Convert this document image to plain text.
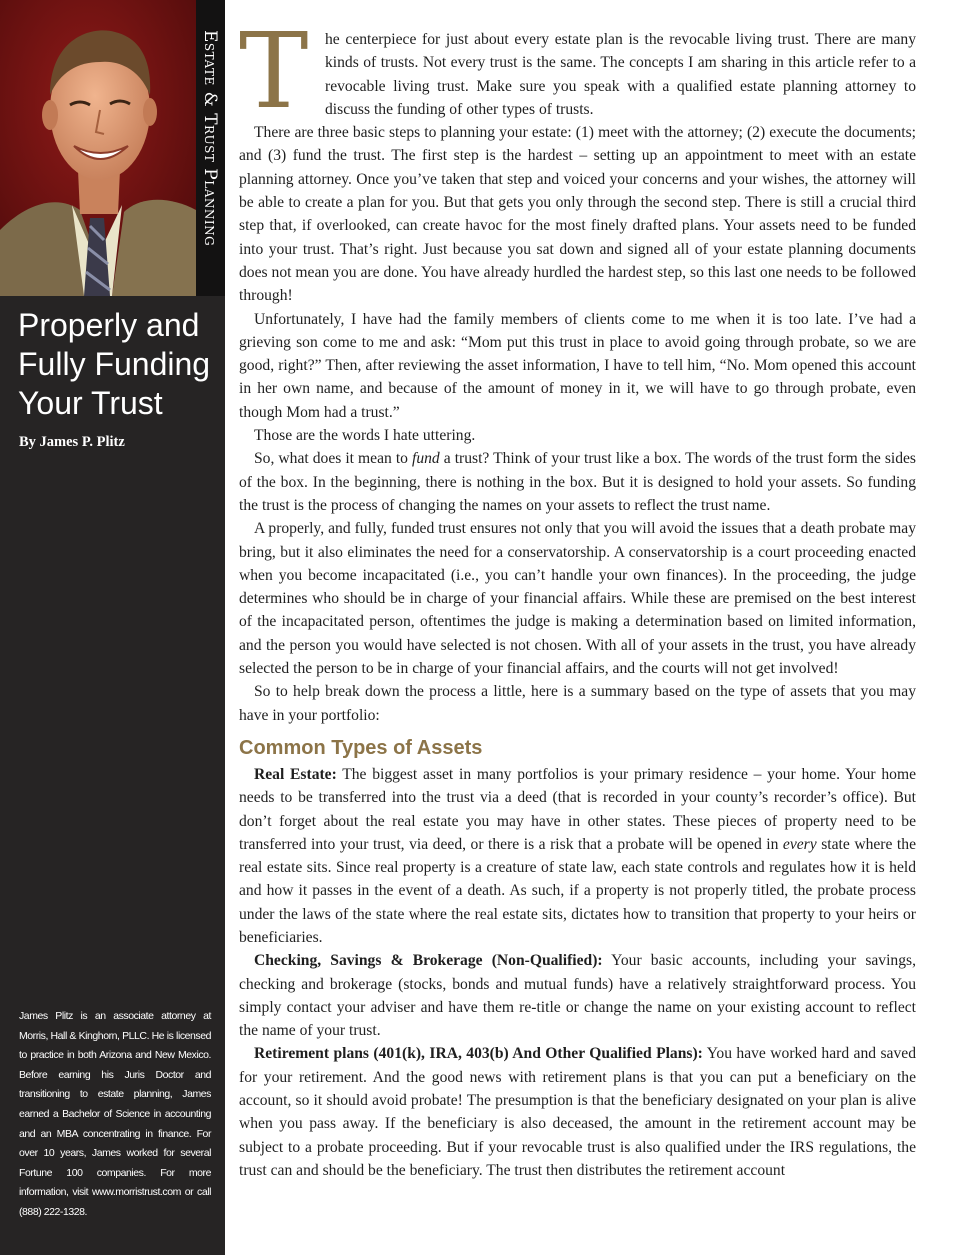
Estate & Trust Planning
Properly and
Fully Funding
Your Trust
By James P. Plitz

James Plitz is an associate attorney at Morris, Hall & Kinghorn, PLLC. He is licensed to practice in both Arizona and New Mexico. Before earning his Juris Doctor and transitioning to estate planning, James earned a Bachelor of Science in accounting and an MBA concentrating in finance. For over 10 years, James worked for several Fortune 100 companies. For more information, visit www.morristrust.com or call (888) 222-1328.

T	he centerpiece for just about every estate plan is the revocable living trust. There are many kinds of trusts. Not every trust is the same. The concepts I am sharing in this article refer to a revocable living trust. Make sure you speak with a qualified estate planning attorney to discuss the funding of other types of trusts.

There are three basic steps to planning your estate: (1) meet with the attorney; (2) execute the documents; and (3) fund the trust. The first step is the hardest – setting up an appointment to meet with an estate planning attorney. Once you’ve taken that step and voiced your concerns and your wishes, the attorney will be able to create a plan for you. But that gets you only through the second step. There is still a crucial third step that, if overlooked, can create havoc for the most finely drafted plans. Your assets need to be funded into your trust. That’s right. Just because you sat down and signed all of your estate planning documents does not mean you are done. You have already hurdled the hardest step, so this last one needs to be followed through!

Unfortunately, I have had the family members of clients come to me when it is too late. I’ve had a grieving son come to me and ask: “Mom put this trust in place to avoid going through probate, so we are good, right?” Then, after reviewing the asset information, I have to tell him, “No. Mom opened this account in her own name, and because of the amount of money in it, we will have to go through probate, even though Mom had a trust.”

Those are the words I hate uttering.

So, what does it mean to fund a trust? Think of your trust like a box. The words of the trust form the sides of the box. In the beginning, there is nothing in the box. But it is designed to hold your assets. So funding the trust is the process of changing the names on your assets to reflect the trust name.

A properly, and fully, funded trust ensures not only that you will avoid the issues that a death probate may bring, but it also eliminates the need for a conservatorship. A conservatorship is a court proceeding enacted when you become incapacitated (i.e., you can’t handle your own finances). In the proceeding, the judge determines who should be in charge of your financial affairs. While these are premised on the best interest of the incapacitated person, oftentimes the judge is making a determination based on limited information, and the person you would have selected is not chosen. With all of your assets in the trust, you have already selected the person to be in charge of your financial affairs, and the courts will not get involved!

So to help break down the process a little, here is a summary based on the type of assets that you may have in your portfolio:

Common Types of Assets

Real Estate: The biggest asset in many portfolios is your primary residence – your home. Your home needs to be transferred into the trust via a deed (that is recorded in your county’s recorder’s office). But don’t forget about the real estate you may have in other states. These pieces of property need to be transferred into your trust, via deed, or there is a risk that a probate will be opened in every state where the real estate sits. Since real property is a creature of state law, each state controls and regulates how it is held and how it passes in the event of a death. As such, if a property is not properly titled, the probate process under the laws of the state where the real estate sits, dictates how to transition that property to your heirs or beneficiaries.

Checking, Savings & Brokerage (Non-Qualified): Your basic accounts, including your savings, checking and brokerage (stocks, bonds and mutual funds) have a relatively straightforward process. You simply contact your adviser and have them re-title or change the name on your existing account to reflect the name of your trust.

Retirement plans (401(k), IRA, 403(b) And Other Qualified Plans): You have worked hard and saved for your retirement. And the good news with retirement plans is that you can put a beneficiary on the account, so it should avoid probate! The presumption is that the beneficiary designated on your plan is alive when you pass away. If the beneficiary is also deceased, the amount in the retirement account may be subject to a probate proceeding. But if your revocable trust is also qualified under the IRS regulations, the trust can and should be the beneficiary. The trust then distributes the retirement account
